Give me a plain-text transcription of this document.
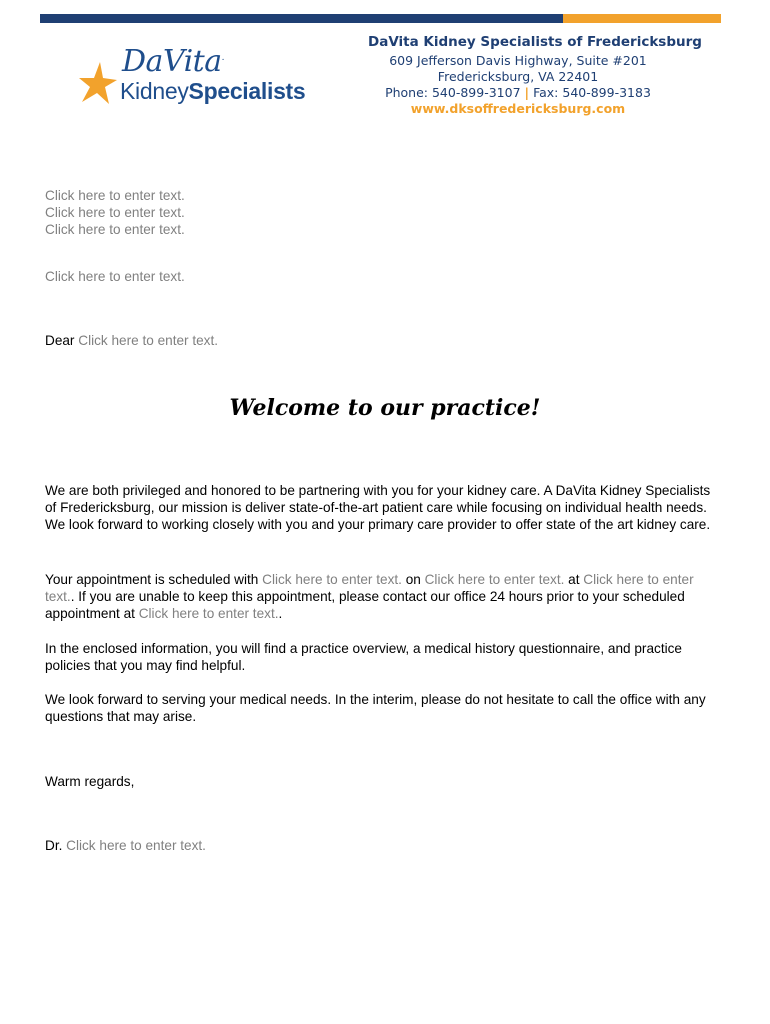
DaVita.
KidneySpecialists
DaVita Kidney Specialists of Fredericksburg
609 Jefferson Davis Highway, Suite #201
Fredericksburg, VA 22401
Phone: 540-899-3107 | Fax: 540-899-3183
www.dksoffredericksburg.com
Click here to enter text.
Click here to enter text.
Click here to enter text.
Click here to enter text.
Dear Click here to enter text.
Welcome to our practice!

We are both privileged and honored to be partnering with you for your kidney care. A DaVita Kidney Specialists of Fredericksburg, our mission is deliver state-of-the-art patient care while focusing on individual health needs. We look forward to working closely with you and your primary care provider to offer state of the art kidney care.

Your appointment is scheduled with Click here to enter text. on Click here to enter text. at Click here to enter text.. If you are unable to keep this appointment, please contact our office 24 hours prior to your scheduled appointment at Click here to enter text..

In the enclosed information, you will find a practice overview, a medical history questionnaire, and practice policies that you may find helpful.

We look forward to serving your medical needs. In the interim, please do not hesitate to call the office with any questions that may arise.

Warm regards,
Dr. Click here to enter text.
